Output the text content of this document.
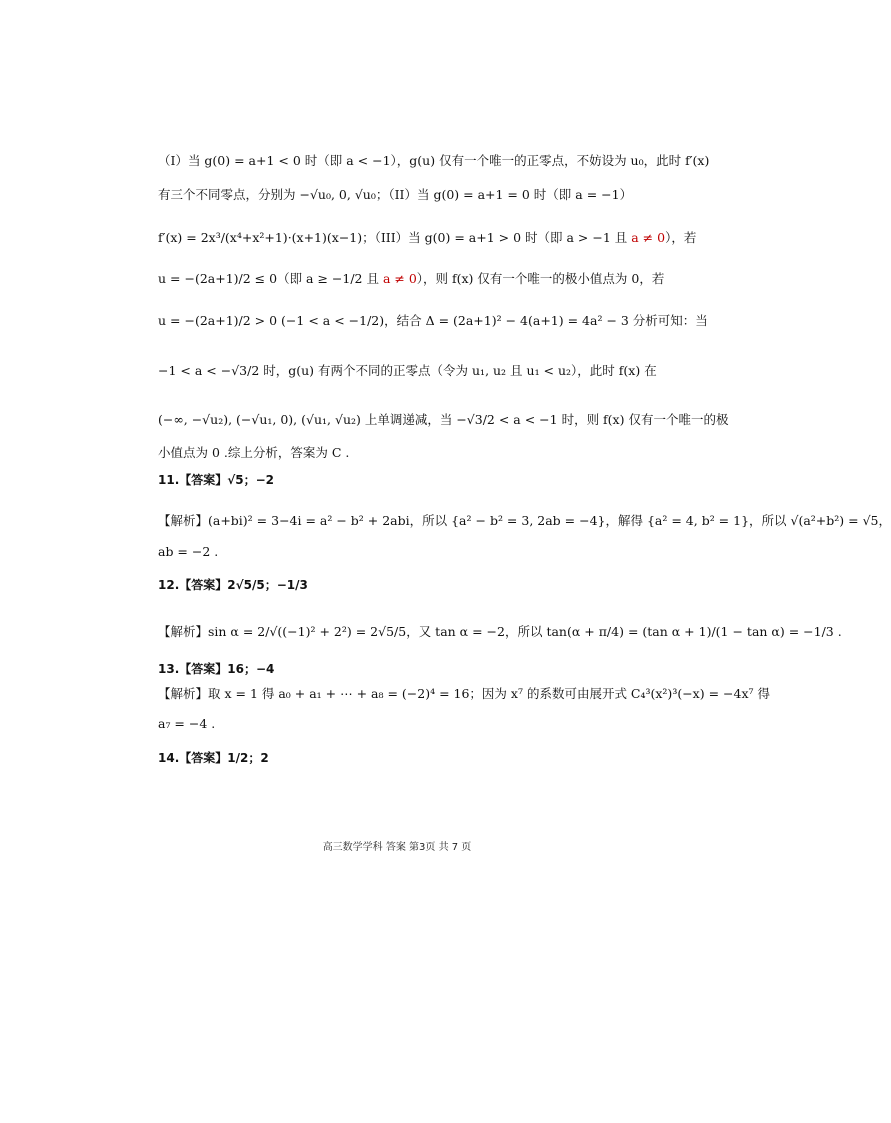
（I）当 g(0) = a+1 < 0 时（即 a < −1），g(u) 仅有一个唯一的正零点，不妨设为 u₀，此时 f′(x)
有三个不同零点，分别为 −√u₀, 0, √u₀；（II）当 g(0) = a+1 = 0 时（即 a = −1）
f′(x) = 2x³/(x⁴+x²+1)·(x+1)(x−1)；（III）当 g(0) = a+1 > 0 时（即 a > −1 且 a ≠ 0），若
u = −(2a+1)/2 ≤ 0（即 a ≥ −1/2 且 a ≠ 0），则 f(x) 仅有一个唯一的极小值点为 0，若
u = −(2a+1)/2 > 0 (−1 < a < −1/2)，结合 Δ = (2a+1)² − 4(a+1) = 4a² − 3 分析可知：当
−1 < a < −√3/2 时，g(u) 有两个不同的正零点（令为 u₁, u₂ 且 u₁ < u₂），此时 f(x) 在
(−∞, −√u₂), (−√u₁, 0), (√u₁, √u₂) 上单调递减，当 −√3/2 < a < −1 时，则 f(x) 仅有一个唯一的极
小值点为 0 .综上分析，答案为 C .
11.【答案】√5；−2
【解析】(a+bi)² = 3−4i = a² − b² + 2abi，所以 {a² − b² = 3, 2ab = −4}，解得 {a² = 4, b² = 1}，所以 √(a²+b²) = √5，
ab = −2 .
12.【答案】2√5/5；−1/3
【解析】sin α = 2/√((−1)² + 2²) = 2√5/5，又 tan α = −2，所以 tan(α + π/4) = (tan α + 1)/(1 − tan α) = −1/3 .
13.【答案】16；−4
【解析】取 x = 1 得 a₀ + a₁ + ⋯ + a₈ = (−2)⁴ = 16；因为 x⁷ 的系数可由展开式 C₄³(x²)³(−x) = −4x⁷ 得
a₇ = −4 .
14.【答案】1/2；2
高三数学学科 答案 第3页 共 7 页
